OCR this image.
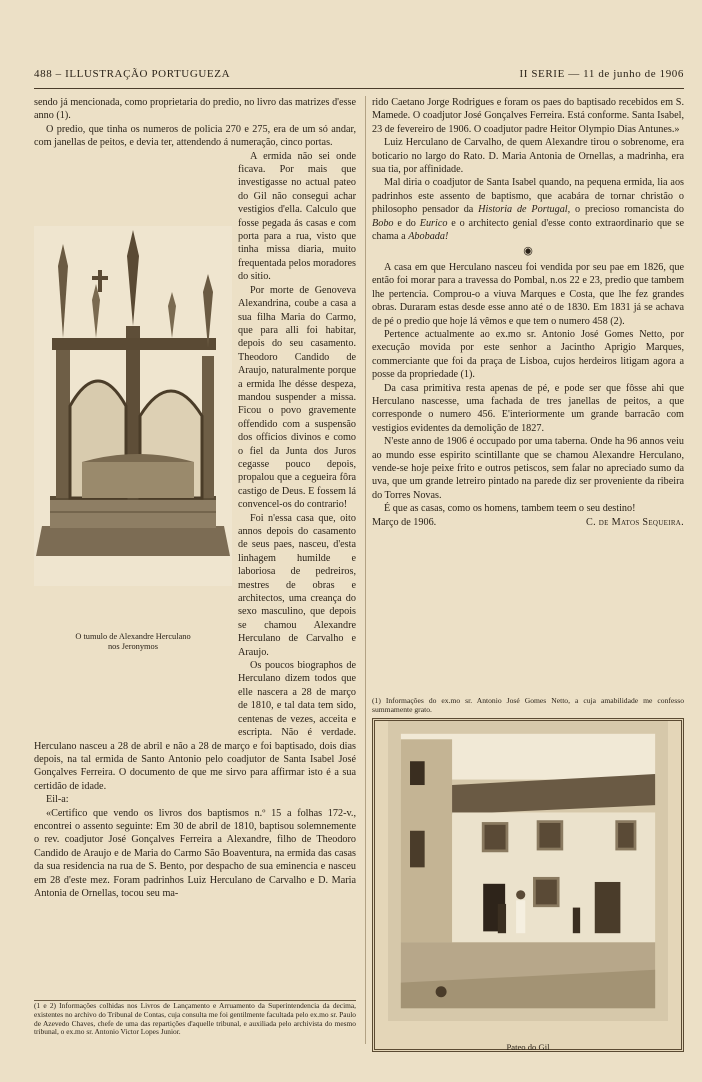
488 – ILLUSTRAÇÃO PORTUGUEZA	II SERIE — 11 de junho de 1906

sendo já mencionada, como proprietaria do predio, no livro das matrizes d'esse anno (1).

O predio, que tinha os numeros de policia 270 e 275, era de um só andar, com janellas de peitos, e devia ter, attendendo á numeração, cinco portas.

O tumulo de Alexandre Herculano
nos Jeronymos

A ermida não sei onde ficava. Por mais que investigasse no actual pateo do Gil não consegui achar vestigios d'ella. Calculo que fosse pegada ás casas e com porta para a rua, visto que tinha missa diaria, muito frequentada pelos moradores do sitio.

Por morte de Genoveva Alexandrina, coube a casa a sua filha Maria do Carmo, que para alli foi habitar, depois do seu casamento. Theodoro Candido de Araujo, naturalmente porque a ermida lhe désse despeza, mandou suspender a missa. Ficou o povo gravemente offendido com a suspensão dos officios divinos e como o fiel da Junta dos Juros cegasse pouco depois, propalou que a cegueira fôra castigo de Deus. E fossem lá convencel-os do contrario!

Foi n'essa casa que, oito annos depois do casamento de seus paes, nasceu, d'esta linhagem humilde e laboriosa de pedreiros, mestres de obras e architectos, uma creança do sexo masculino, que depois se chamou Alexandre Herculano de Carvalho e Araujo.

Os poucos biographos de Herculano dizem todos que elle nascera a 28 de março de 1810, e tal data tem sido, centenas de vezes, acceita e escripta. Não é verdade. Herculano nasceu a 28 de abril e não a 28 de março e foi baptisado, dois dias depois, na tal ermida de Santo Antonio pelo coadjutor de Santa Isabel José Gonçalves Ferreira. O documento de que me sirvo para affirmar isto é a sua certidão de idade.

Eil-a:

«Certifico que vendo os livros dos baptismos n.º 15 a folhas 172-v., encontrei o assento seguinte: Em 30 de abril de 1810, baptisou solemnemente o rev. coadjutor José Gonçalves Ferreira a Alexandre, filho de Theodoro Candido de Araujo e de Maria do Carmo São Boaventura, na ermida das casas da sua residencia na rua de S. Bento, por despacho de sua eminencia e nasceu em 28 d'este mez. Foram padrinhos Luiz Herculano de Carvalho e D. Maria Antonia de Ornellas, tocou seu ma-

(1 e 2) Informações colhidas nos Livros de Lançamento e Arruamento da Superintendencia da decima, existentes no archivo do Tribunal de Contas, cuja consulta me foi gentilmente facultada pelo ex.mo sr. Paulo de Azevedo Chaves, chefe de uma das repartições d'aquelle tribunal, e auxiliada pelo archivista do mesmo tribunal, o ex.mo sr. Antonio Victor Lopes Junior.

rido Caetano Jorge Rodrigues e foram os paes do baptisado recebidos em S. Mamede. O coadjutor José Gonçalves Ferreira. Está conforme. Santa Isabel, 23 de fevereiro de 1906. O coadjutor padre Heitor Olympio Dias Antunes.»

Luiz Herculano de Carvalho, de quem Alexandre tirou o sobrenome, era boticario no largo do Rato. D. Maria Antonia de Ornellas, a madrinha, era sua tia, por affinidade.

Mal diria o coadjutor de Santa Isabel quando, na pequena ermida, lia aos padrinhos este assento de baptismo, que acabára de tornar christão o philosopho pensador da Historia de Portugal, o precioso romancista do Bobo e do Eurico e o architecto genial d'esse conto extraordinario que se chama a Abobada!

◉

A casa em que Herculano nasceu foi vendida por seu pae em 1826, que então foi morar para a travessa do Pombal, n.os 22 e 23, predio que tambem lhe pertencia. Comprou-o a viuva Marques e Costa, que lhe fez grandes obras. Duraram estas desde esse anno até o de 1830. Em 1831 já se achava de pé o predio que hoje lá vêmos e que tem o numero 458 (2).

Pertence actualmente ao ex.mo sr. Antonio José Gomes Netto, por execução movida por este senhor a Jacintho Aprigio Marques, commerciante que foi da praça de Lisboa, cujos herdeiros litigam agora a posse da propriedade (1).

Da casa primitiva resta apenas de pé, e pode ser que fôsse ahi que Herculano nascesse, uma fachada de tres janellas de peitos, a que corresponde o numero 456. E'interiormente um grande barracão com vestigios evidentes da demolição de 1827.

N'este anno de 1906 é occupado por uma taberna. Onde ha 96 annos veiu ao mundo esse espirito scintillante que se chamou Alexandre Herculano, vende-se hoje peixe frito e outros petiscos, sem falar no apreciado sumo da uva, que um grande letreiro pintado na parede diz ser proveniente da ribeira do Torres Novas.

É que as casas, como os homens, tambem teem o seu destino!

Março de 1906.	C. de Matos Sequeira.
(1) Informações do ex.mo sr. Antonio José Gomes Netto, a cuja amabilidade me confesso summamente grato.
Pateo do Gil
